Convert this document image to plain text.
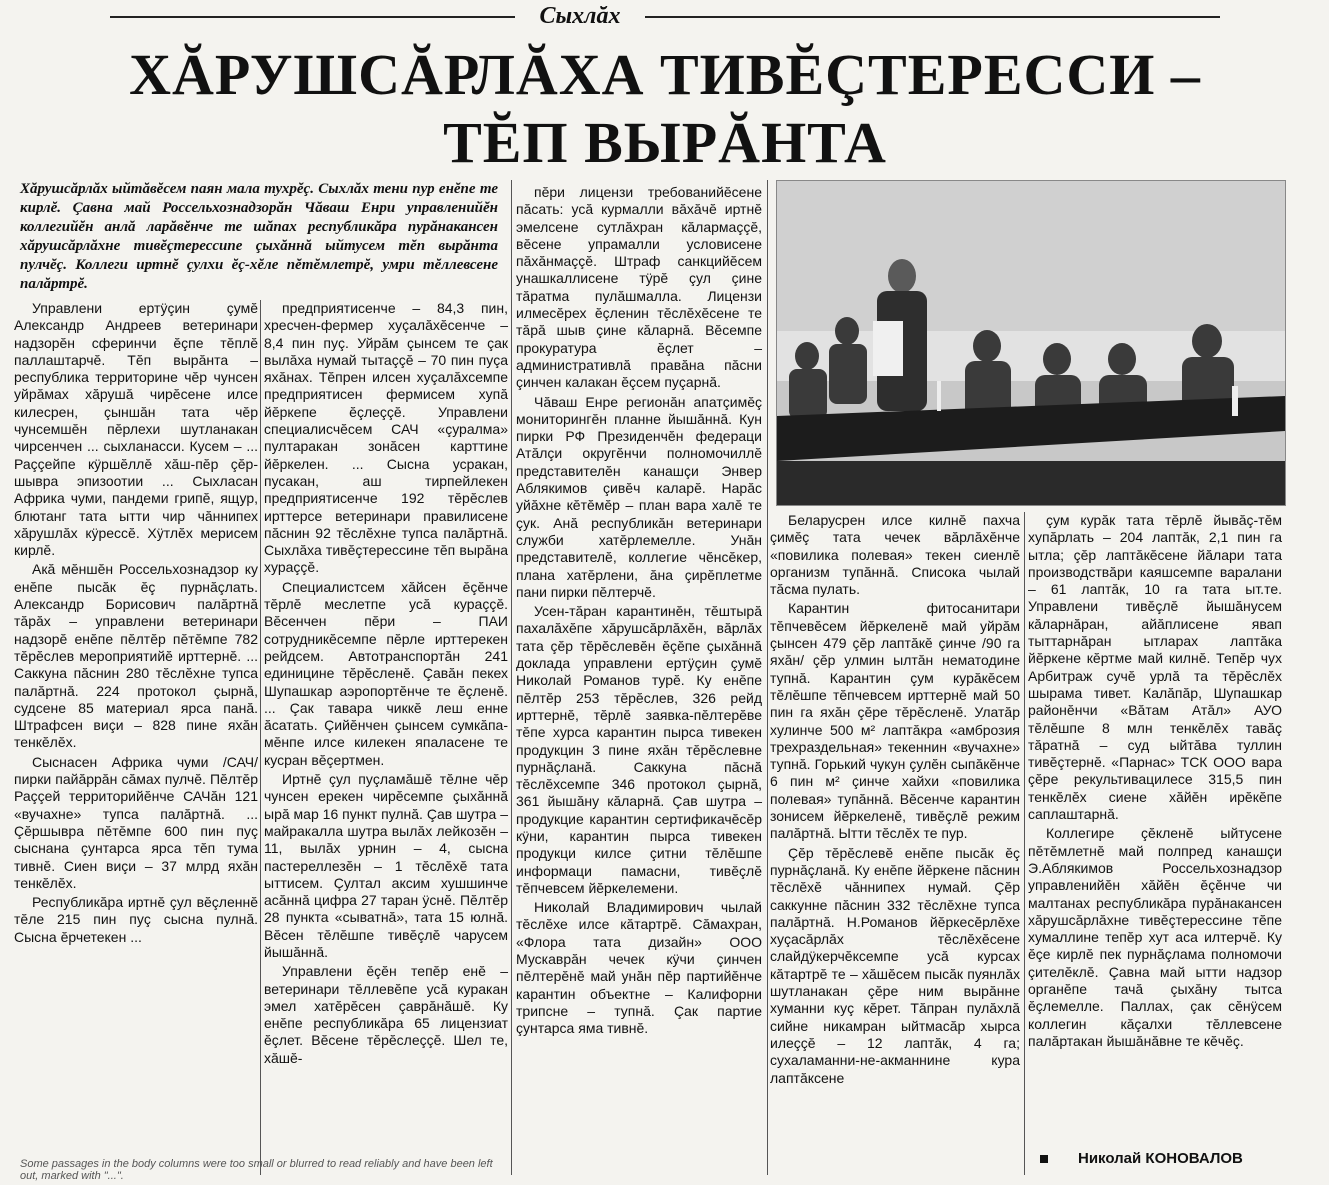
Сыхлăх
ХĂРУШСĂРЛĂХА ТИВĔÇТЕРЕССИ –
ТĔП ВЫРĂНТА
Хăрушсăрлăх ыйтăвĕсем паян мала тухрĕç. Сыхлăх тени пур енĕпе те кирлĕ. Çавна май Россельхознадзорăн Чăваш Енри управленийĕн коллегийĕн анлă ларăвĕнче те шăпах республикăра пурăнакансен хăрушсăрлăхне тивĕçтерессипе çыхăннă ыйтусем тĕп вырăнта пулчĕç. Коллеги иртнĕ çулхи ĕç-хĕле пĕтĕмлетрĕ, умри тĕллевсене палăртрĕ.

Управлени ертÿçин çумĕ Александр Андреев ветеринари надзорĕн сферинчи ĕçпе тĕплĕ паллаштарчĕ. Тĕп вырăнта – республика территорине чĕр чунсен уйрăмах хăрушă чирĕсене илсе килесрен, çыншăн тата чĕр чунсемшĕн пĕрлехи шутланакан чирсенчен ... сыхланасси. Кусем – ... Раççейпе кÿршĕллĕ хăш-пĕр çĕр-шывра эпизоотии ... Сыхласан Африка чуми, пандеми грипĕ, ящур, блютанг тата ытти чир чăннипех хăрушлăх кÿрессĕ. Хÿтлĕх мерисем кирлĕ.

Акă мĕншĕн Россельхознадзор ку енĕпе пысăк ĕç пурнăçлать. Александр Борисович палăртнă тăрăх – управлени ветеринари надзорĕ енĕпе пĕлтĕр пĕтĕмпе 782 тĕрĕслев мероприятийĕ ирттернĕ. ... Саккуна пăснин 280 тĕслĕхне тупса палăртнă. 224 протокол çырнă, судсене 85 материал ярса панă. Штрафсен виçи – 828 пине яхăн тенкĕлĕх.

Сыснасен Африка чуми /САЧ/ пирки пайăррăн сăмах пулчĕ. Пĕлтĕр Раççей территорийĕнче САЧăн 121 «вучахне» тупса палăртнă. ... Çĕршывра пĕтĕмпе 600 пин пуç сыснана çунтарса ярса тĕп тума тивнĕ. Сиен виçи – 37 млрд яхăн тенкĕлĕх.

Республикăра иртнĕ çул вĕçленнĕ тĕле 215 пин пуç сысна пулнă. Сысна ĕрчетекен ...

предприятисенче – 84,3 пин, хресчен-фермер хуçалăхĕсенче – 8,4 пин пуç. Уйрăм çынсем те çак вылăха нумай тытаççĕ – 70 пин пуçа яхăнах. Тĕпрен илсен хуçалăхсемпе предприятисен фермисем хупă йĕркепе ĕçлеççĕ. Управлени специалисчĕсем САЧ «çуралма» пултаракан зонăсен карттине йĕркелен. ... Сысна усракан, пусакан, аш тирпейлекен предприятисенче 192 тĕрĕслев ирттерсе ветеринари правилисене пăснин 92 тĕслĕхне тупса палăртнă. Сыхлăха тивĕçтерессине тĕп вырăна хураççĕ.

Специалистсем хăйсен ĕçĕнче тĕрлĕ меслетпе усă кураççĕ. Вĕсенчен пĕри – ПАИ сотрудникĕсемпе пĕрле ирттерекен рейдсем. Автотранспортăн 241 единицине тĕрĕсленĕ. Çавăн пекех Шупашкар аэропортĕнче те ĕçленĕ. ... Çак тавара чиккĕ леш енне ăсатать. Çийĕнчен çынсем сумкăпа-мĕнпе илсе килекен япаласене те кусран вĕçертмен.

Иртнĕ çул пуçламăшĕ тĕлне чĕр чунсен ерекен чирĕсемпе çыхăннă ырă мар 16 пункт пулнă. Çав шутра – майракалла шутра вылăх лейкозĕн – 11, вылăх урнин – 4, сысна пастереллезĕн – 1 тĕслĕхĕ тата ыттисем. Çултал аксим хушшинче асăннă цифра 27 таран ÿснĕ. Пĕлтĕр 28 пункта «сыватнă», тата 15 юлнă. Вĕсен тĕлĕшпе тивĕçлĕ чарусем йышăннă.

Управлени ĕçĕн тепĕр енĕ – ветеринари тĕллевĕпе усă куракан эмел хатĕрĕсен çаврăнăшĕ. Ку енĕпе республикăра 65 лицензиат ĕçлет. Вĕсене тĕрĕслеççĕ. Шел те, хăшĕ-

пĕри лицензи требованийĕсене пăсать: усă курмалли вăхăчĕ иртнĕ эмелсене сутлăхран кăлармаççĕ, вĕсене упрамалли условисене пăхăнмаççĕ. Штраф санкцийĕсем унашкаллисене тÿрĕ çул çине тăратма пулăшмалла. Лицензи илмесĕрех ĕçленин тĕслĕхĕсене те тăрă шыв çине кăларнă. Вĕсемпе прокуратура ĕçлет – административлă правăна пăсни çинчен калакан ĕçсем пуçарнă.

Чăваш Енре регионăн апатçимĕç мониторингĕн планне йышăннă. Кун пирки РФ Президенчĕн федераци Атăлçи округĕнчи полномочиллĕ представителĕн канашçи Энвер Аблякимов çивĕч каларĕ. Нарăс уйăхне кĕтĕмĕр – план вара халĕ те çук. Анă республикăн ветеринари служби хатĕрлемелле. Унăн представителĕ, коллегие чĕнсĕкер, плана хатĕрлени, ăна çирĕплетме пани пирки пĕлтерчĕ.

Усен-тăран карантинĕн, тĕштырă пахалăхĕпе хăрушсăрлăхĕн, вăрлăх тата çĕр тĕрĕслевĕн ĕçĕпе çыхăннă докладa управлени ертÿçин çумĕ Николай Романов турĕ. Ку енĕпе пĕлтĕр 253 тĕрĕслев, 326 рейд ирттернĕ, тĕрлĕ заявка-пĕлтерĕве тĕпе хурса карантин пырса тивекен продукцин 3 пине яхăн тĕрĕслевне пурнăçланă. Саккуна пăснă тĕслĕхсемпе 346 протокол çырнă, 361 йышăну кăларнă. Çав шутра – продукцие карантин сертификачĕсĕр кÿни, карантин пырса тивекен продукци килсе çитни тĕлĕшпе информаци памасни, тивĕçлĕ тĕпчевсем йĕркелемени.

Николай Владимирович чылай тĕслĕхе илсе кăтартрĕ. Сăмахран, «Флора тата дизайн» ООО Мускаврăн чечек кÿчи çинчен пĕлтерĕнĕ май унăн пĕр партийĕнче карантин объектне – Калифорни трипсне – тупнă. Çак партие çунтарса яма тивнĕ.

Беларусрен илсе килнĕ пахча çимĕç тата чечек вăрлăхĕнче «повилика полевая» текен сиенлĕ организм тупăннă. Списока чылай тăсма пулать.

Карантин фитосанитари тĕпчевĕсем йĕркеленĕ май уйрăм çынсен 479 çĕр лаптăкĕ çинче /90 га яхăн/ çĕр улмин ылтăн нематодине тупнă. Карантин çум курăкĕсем тĕлĕшпе тĕпчевсем ирттернĕ май 50 пин га яхăн çĕре тĕрĕсленĕ. Улатăр хулинче 500 м² лаптăкра «амброзия трехраздельная» текеннин «вучахне» тупнă. Горький чукун çулĕн сыпăкĕнче 6 пин м² çинче хайхи «повилика полевая» тупăннă. Вĕсенче карантин зонисем йĕркеленĕ, тивĕçлĕ режим палăртнă. Ытти тĕслĕх те пур.

Çĕр тĕрĕслевĕ енĕпе пысăк ĕç пурнăçланă. Ку енĕпе йĕркене пăснин тĕслĕхĕ чăннипех нумай. Çĕр саккунне пăснин 332 тĕслĕхне тупса палăртнă. Н.Романов йĕркесĕрлĕхе хуçасăрлăх тĕслĕхĕсене слайдÿкерчĕксемпе усă курсах кăтартрĕ те – хăшĕсем пысăк пуянлăх шутланакан çĕре ним вырăнне хуманни куç кĕрет. Тăпран пулăхлă сийне никамран ыйтмасăр хырса илеççĕ – 12 лаптăк, 4 га; сухаламанни-не-акманнине кура лаптăксене

çум курăк тата тĕрлĕ йывăç-тĕм хупăрлать – 204 лаптăк, 2,1 пин га ытла; çĕр лаптăкĕсене йăлари тата производствăри каяшсемпе варалани – 61 лаптăк, 10 га тата ыт.те. Управлени тивĕçлĕ йышăнусем кăларнăран, айăплисене явап тыттарнăран ытларах лаптăка йĕркене кĕртме май килнĕ. Тепĕр чух Арбитраж сучĕ урлă та тĕрĕслĕх шырама тивет. Калăпăр, Шупашкар районĕнчи «Вăтам Атăл» АУО тĕлĕшпе 8 млн тенкĕлĕх тавăç тăратнă – суд ыйтăва туллин тивĕçтернĕ. «Парнас» ТСК ООО вара çĕре рекультивацилесе 315,5 пин тенкĕлĕх сиене хăйĕн ирĕкĕпе саплаштарнă.

Коллегире çĕкленĕ ыйтусене пĕтĕмлетнĕ май полпред канашçи Э.Аблякимов Россельхознадзор управленийĕн хăйĕн ĕçĕнче чи малтанах республикăра пурăнакансен хăрушсăрлăхне тивĕçтерессине тĕпе хумаллине тепĕр хут аса илтерчĕ. Ку ĕçе кирлĕ пек пурнăçлама полномочи çителĕклĕ. Çавна май ытти надзор органĕпе тачă çыхăну тытса ĕçлемелле. Паллах, çак сĕнÿсем коллегин кăçалхи тĕллевсене палăртакан йышăнăвне те кĕчĕç.

Николай КОНОВАЛОВ
Some passages in the body columns were too small or blurred to read reliably and have been left out, marked with "...".
